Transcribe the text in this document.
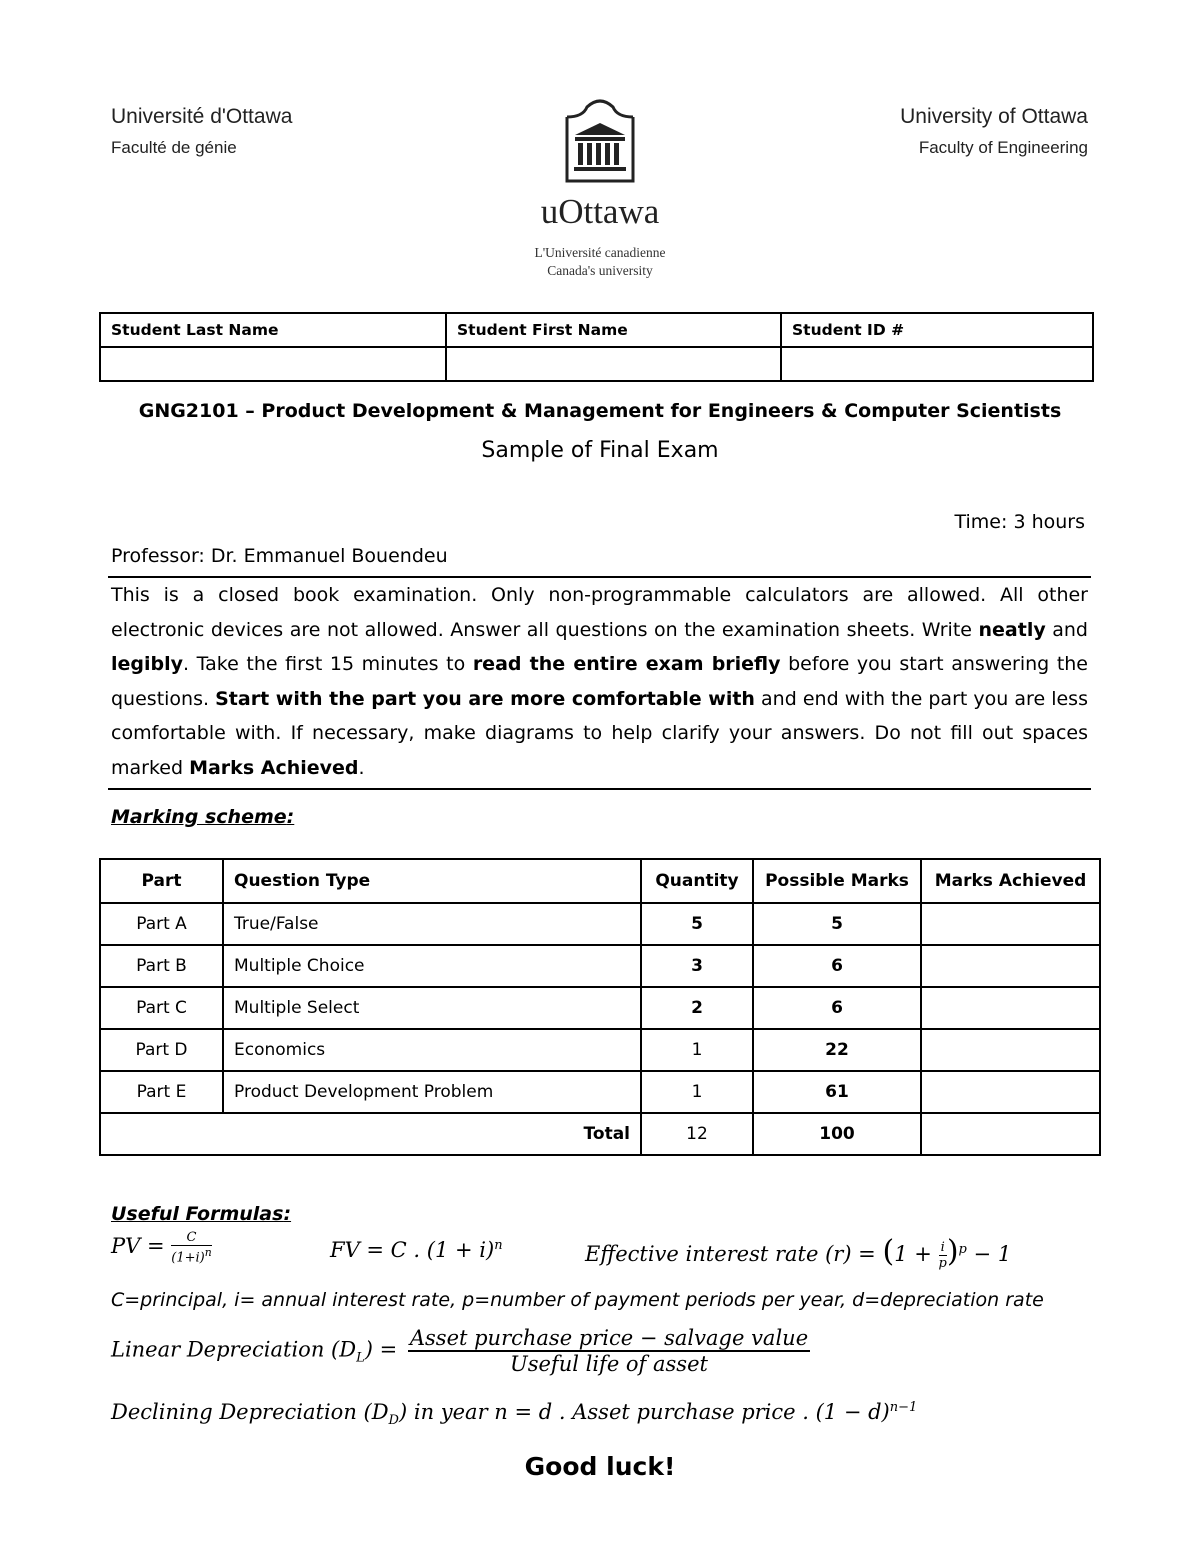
Université d'Ottawa
Faculté de génie
University of Ottawa
Faculty of Engineering
uOttawa
L'Université canadienne
Canada's university
Student Last Name	Student First Name	Student ID #

GNG2101 – Product Development & Management for Engineers & Computer Scientists
Sample of Final Exam
Time: 3 hours
Professor: Dr. Emmanuel Bouendeu
This is a closed book examination. Only non-programmable calculators are allowed. All other electronic devices are not allowed. Answer all questions on the examination sheets. Write neatly and legibly. Take the first 15 minutes to read the entire exam briefly before you start answering the questions. Start with the part you are more comfortable with and end with the part you are less comfortable with. If necessary, make diagrams to help clarify your answers. Do not fill out spaces marked Marks Achieved.
Marking scheme:
Part	Question Type	Quantity	Possible Marks	Marks Achieved
Part A	True/False	5	5	
Part B	Multiple Choice	3	6	
Part C	Multiple Select	2	6	
Part D	Economics	1	22	
Part E	Product Development Problem	1	61	
Total		12	100	
Useful Formulas:
PV = $\frac{C}{(1+i)^n}$	FV = C . $(1 + i)^n$	Effective interest rate $(r) = (1 + \frac{i}{p} )^p - 1$
C=principal, i= annual interest rate, p=number of payment periods per year, d=depreciation rate
Linear Depreciation $(D_L) = \frac{\text{Asset purchase price − salvage value}}{\text{Useful life of asset}}$
Declining Depreciation $(D_D)$ in year n = d . Asset purchase price . $(1 - d)^{n-1}$
Good luck!
